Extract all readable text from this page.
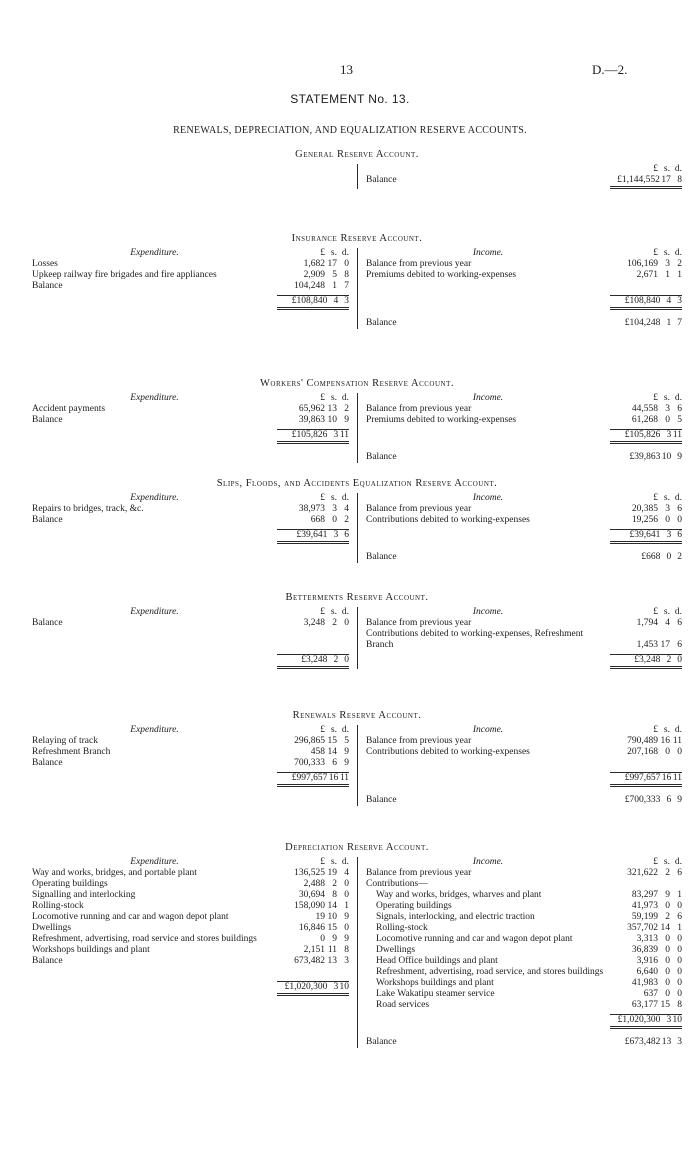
13	D.—2.
STATEMENT No. 13.
RENEWALS, DEPRECIATION, AND EQUALIZATION RESERVE ACCOUNTS.
General Reserve Account.
£ s. d.
Balance	£1,144,552 17 8
Insurance Reserve Account.
Expenditure.	£ s. d.
Losses	1,682 17 0
Upkeep railway fire brigades and fire appliances	2,909 5 8
Balance	104,248 1 7
£108,840 4 3
Income.	£ s. d.
Balance from previous year	106,169 3 2
Premiums debited to working-expenses	2,671 1 1
£108,840 4 3
Balance	£104,248 1 7
Workers' Compensation Reserve Account.
Expenditure.	£ s. d.
Accident payments	65,962 13 2
Balance	39,863 10 9
£105,826 3 11
Income.	£ s. d.
Balance from previous year	44,558 3 6
Premiums debited to working-expenses	61,268 0 5
£105,826 3 11
Balance	£39,863 10 9
Slips, Floods, and Accidents Equalization Reserve Account.
Expenditure.	£ s. d.
Repairs to bridges, track, &c.	38,973 3 4
Balance	668 0 2
£39,641 3 6
Income.	£ s. d.
Balance from previous year	20,385 3 6
Contributions debited to working-expenses	19,256 0 0
£39,641 3 6
Balance	£668 0 2
Betterments Reserve Account.
Expenditure.	£ s. d.
Balance	3,248 2 0
£3,248 2 0
Income.	£ s. d.
Balance from previous year	1,794 4 6
Contributions debited to working-expenses, Refreshment Branch	1,453 17 6
£3,248 2 0
Renewals Reserve Account.
Expenditure.	£ s. d.
Relaying of track	296,865 15 5
Refreshment Branch	458 14 9
Balance	700,333 6 9
£997,657 16 11
Income.	£ s. d.
Balance from previous year	790,489 16 11
Contributions debited to working-expenses	207,168 0 0
£997,657 16 11
Balance	£700,333 6 9
Depreciation Reserve Account.
Expenditure.	£ s. d.
Way and works, bridges, and portable plant	136,525 19 4
Operating buildings	2,488 2 0
Signalling and interlocking	30,694 8 0
Rolling-stock	158,090 14 1
Locomotive running and car and wagon depot plant	19 10 9
Dwellings	16,846 15 0
Refreshment, advertising, road service and stores buildings	0 9 9
Workshops buildings and plant	2,151 11 8
Balance	673,482 13 3
£1,020,300 3 10
Income.	£ s. d.
Balance from previous year	321,622 2 6
Contributions—
Way and works, bridges, wharves and plant	83,297 9 1
Operating buildings	41,973 0 0
Signals, interlocking, and electric traction	59,199 2 6
Rolling-stock	357,702 14 1
Locomotive running and car and wagon depot plant	3,313 0 0
Dwellings	36,839 0 0
Head Office buildings and plant	3,916 0 0
Refreshment, advertising, road service, and stores buildings	6,640 0 0
Workshops buildings and plant	41,983 0 0
Lake Wakatipu steamer service	637 0 0
Road services	63,177 15 8
£1,020,300 3 10
Balance	£673,482 13 3
